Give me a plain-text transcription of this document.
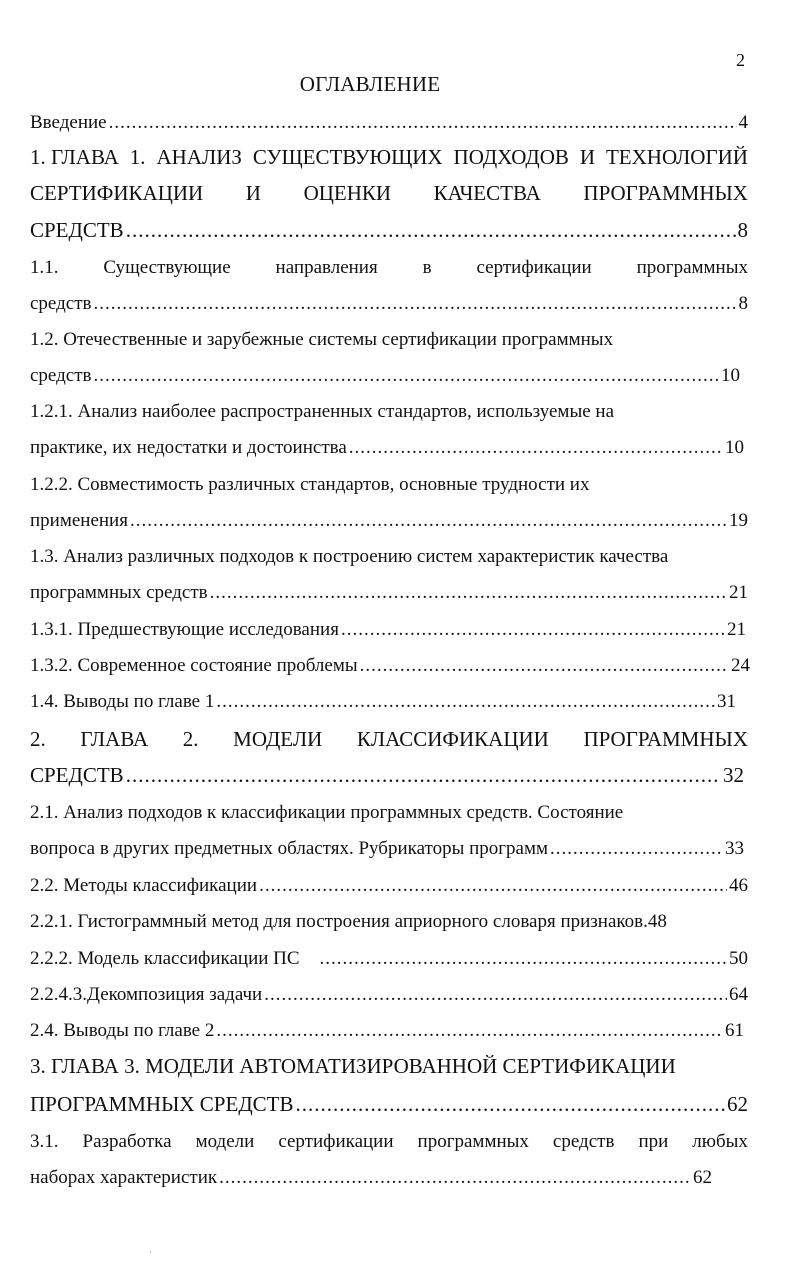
2
ОГЛАВЛЕНИЕ
Введение .....	4
1. ГЛАВА 1. АНАЛИЗ СУЩЕСТВУЮЩИХ ПОДХОДОВ И ТЕХНОЛОГИЙ
СЕРТИФИКАЦИИ И ОЦЕНКИ КАЧЕСТВА ПРОГРАММНЫХ
СРЕДСТВ .....	8
1.1. Существующие направления в сертификации программных
средств .....	8
1.2. Отечественные и зарубежные системы сертификации программных
средств .....	10
1.2.1. Анализ наиболее распространенных стандартов, используемые на
практике, их недостатки и достоинства .....	10
1.2.2. Совместимость различных стандартов, основные трудности их
применения .....	19
1.3. Анализ различных подходов к построению систем характеристик качества
программных средств .....	21
1.3.1. Предшествующие исследования .....	21
1.3.2. Современное состояние проблемы .....	24
1.4. Выводы по главе 1 .....	31
2. ГЛАВА 2. МОДЕЛИ КЛАССИФИКАЦИИ ПРОГРАММНЫХ
СРЕДСТВ .....	32
2.1. Анализ подходов к классификации программных средств. Состояние
вопроса в других предметных областях. Рубрикаторы программ .....	33
2.2. Методы классификации .....	46
2.2.1. Гистограммный метод для построения априорного словаря признаков.48
2.2.2. Модель классификации ПС .....	50
2.2.4.3.Декомпозиция задачи .....	64
2.4. Выводы по главе 2 .....	61
3. ГЛАВА 3. МОДЕЛИ АВТОМАТИЗИРОВАННОЙ СЕРТИФИКАЦИИ
ПРОГРАММНЫХ СРЕДСТВ .....	62
3.1. Разработка модели сертификации программных средств при любых
наборах характеристик .....	62
